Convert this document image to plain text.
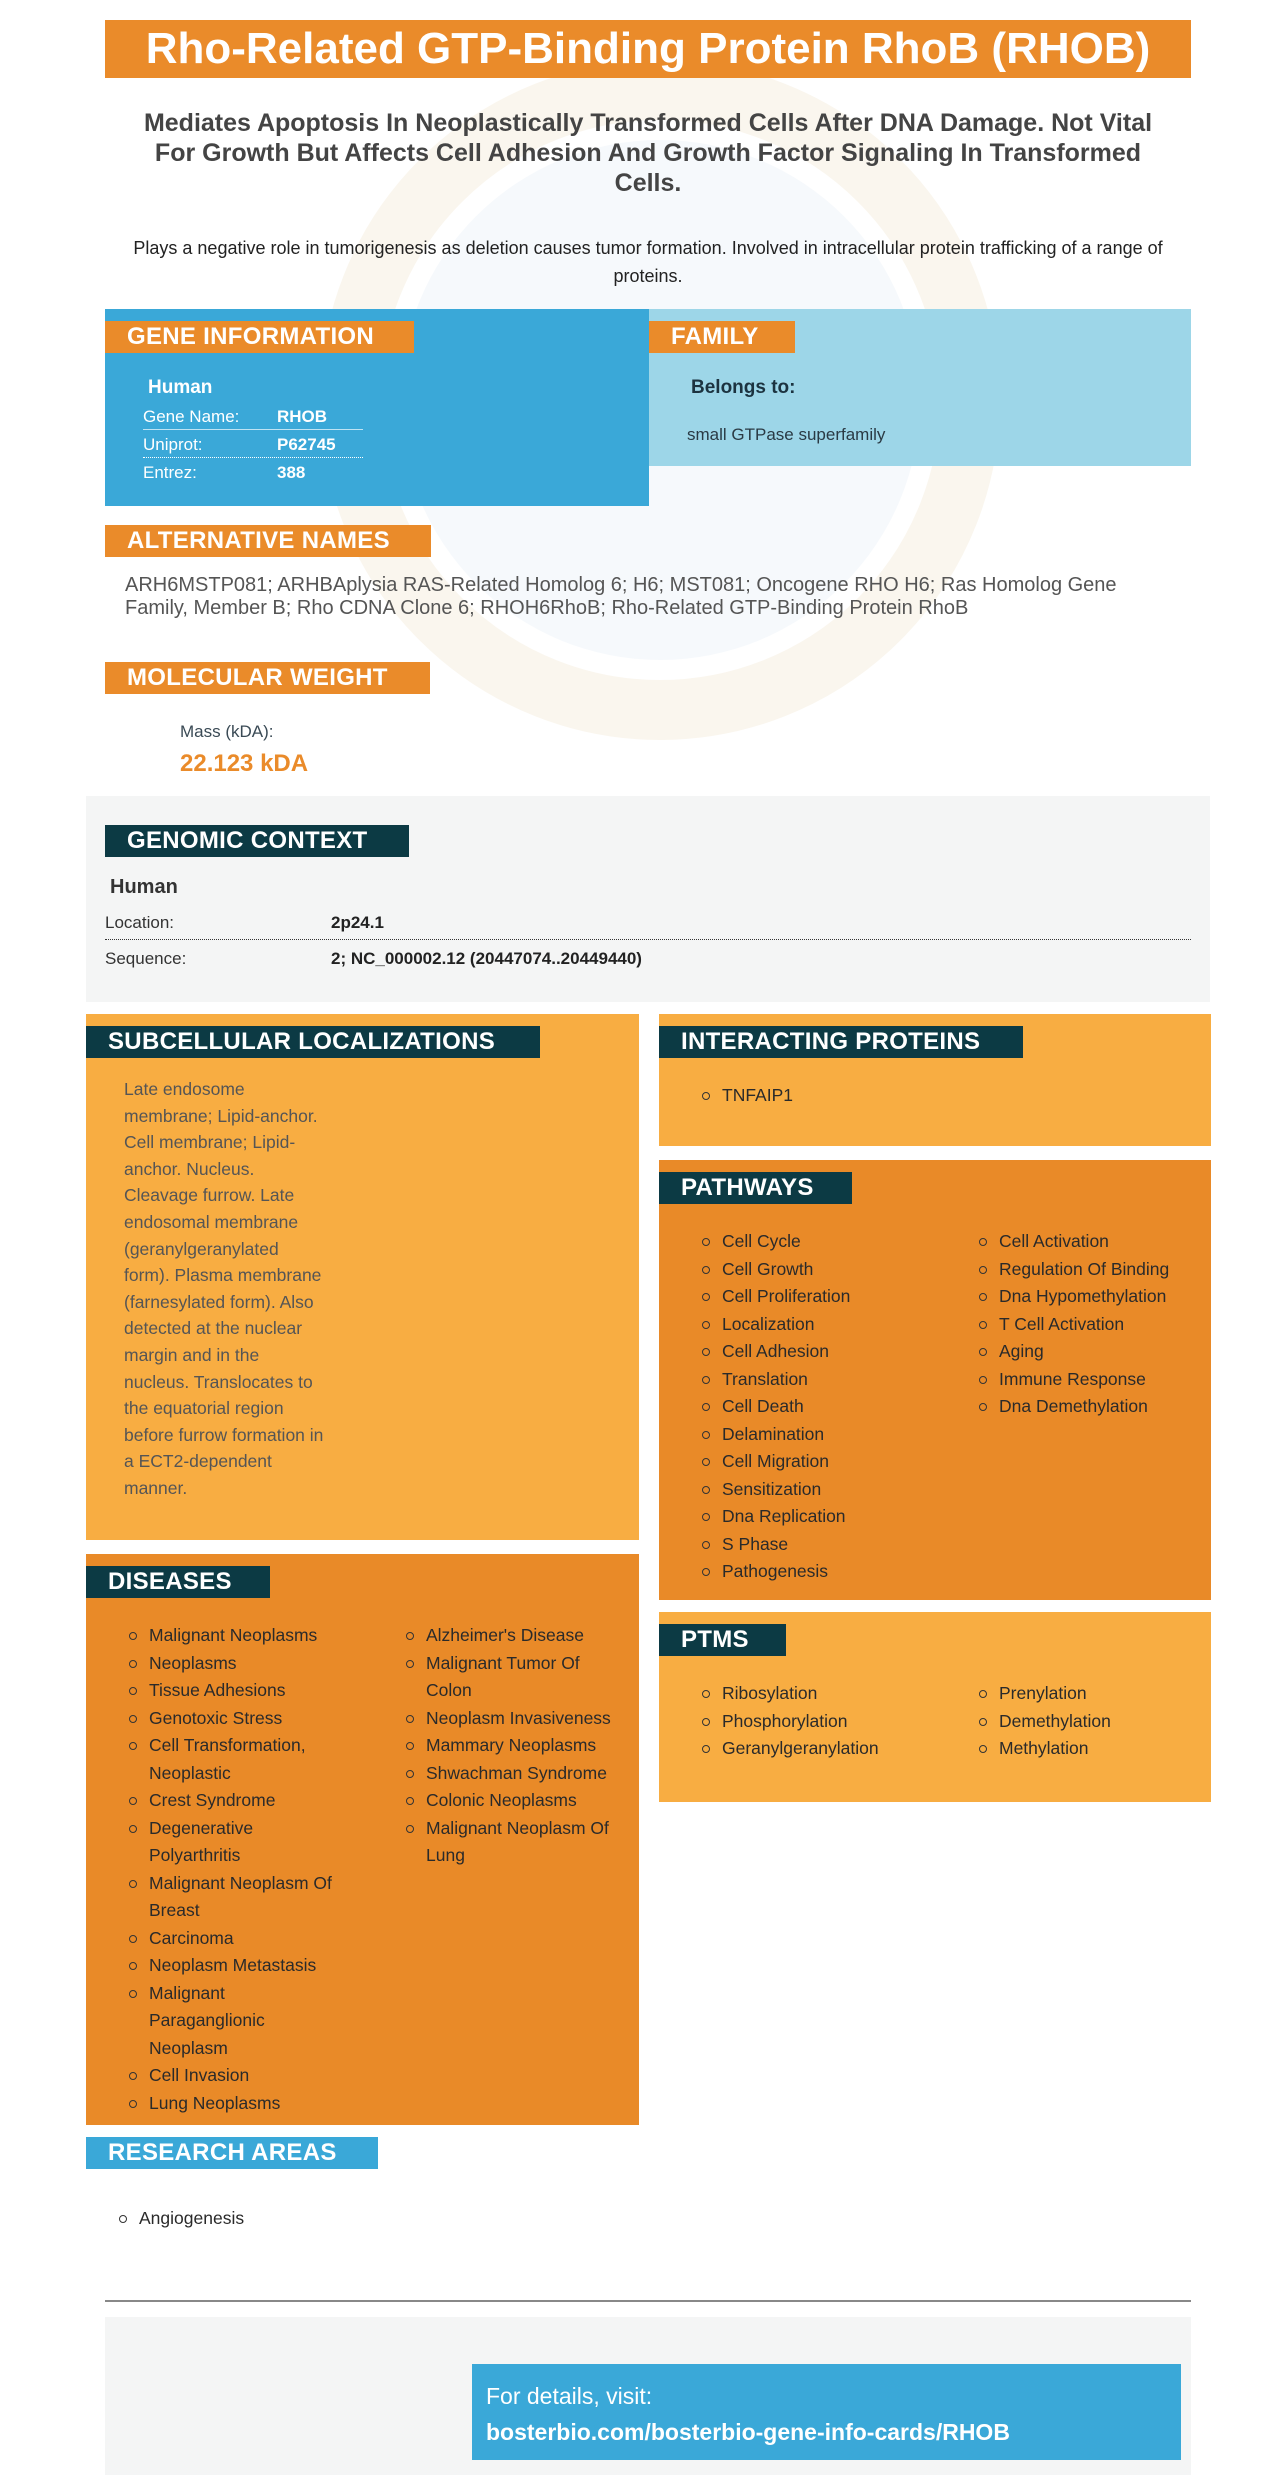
Rho-Related GTP-Binding Protein RhoB (RHOB)
Mediates Apoptosis In Neoplastically Transformed Cells After DNA Damage. Not Vital For Growth But Affects Cell Adhesion And Growth Factor Signaling In Transformed Cells.
Plays a negative role in tumorigenesis as deletion causes tumor formation. Involved in intracellular protein trafficking of a range of proteins.
GENE INFORMATION
Human
Gene Name: RHOB
Uniprot:	P62745
Entrez:	388
FAMILY
Belongs to:
small GTPase superfamily
ALTERNATIVE NAMES
ARH6MSTP081; ARHBAplysia RAS-Related Homolog 6; H6; MST081; Oncogene RHO H6; Ras Homolog Gene Family, Member B; Rho CDNA Clone 6; RHOH6RhoB; Rho-Related GTP-Binding Protein RhoB
MOLECULAR WEIGHT
Mass (kDA):
22.123 kDA
GENOMIC CONTEXT
Human
Location:	2p24.1
Sequence:	2; NC_000002.12 (20447074..20449440)
SUBCELLULAR LOCALIZATIONS
Late endosome
membrane; Lipid-anchor.
Cell membrane; Lipid-
anchor. Nucleus.
Cleavage furrow. Late
endosomal membrane
(geranylgeranylated
form). Plasma membrane
(farnesylated form). Also
detected at the nuclear
margin and in the
nucleus. Translocates to
the equatorial region
before furrow formation in
a ECT2-dependent
manner.
INTERACTING PROTEINS
TNFAIP1
PATHWAYS
Cell Cycle
Cell Growth
Cell Proliferation
Localization
Cell Adhesion
Translation
Cell Death
Delamination
Cell Migration
Sensitization
Dna Replication
S Phase
Pathogenesis
Cell Activation
Regulation Of Binding
Dna Hypomethylation
T Cell Activation
Aging
Immune Response
Dna Demethylation
DISEASES
Malignant Neoplasms
Neoplasms
Tissue Adhesions
Genotoxic Stress
Cell Transformation,
Neoplastic
Crest Syndrome
Degenerative
Polyarthritis
Malignant Neoplasm Of
Breast
Carcinoma
Neoplasm Metastasis
Malignant
Paraganglionic
Neoplasm
Cell Invasion
Lung Neoplasms
Alzheimer's Disease
Malignant Tumor Of
Colon
Neoplasm Invasiveness
Mammary Neoplasms
Shwachman Syndrome
Colonic Neoplasms
Malignant Neoplasm Of
Lung
PTMS
Ribosylation
Phosphorylation
Geranylgeranylation
Prenylation
Demethylation
Methylation
RESEARCH AREAS
Angiogenesis
For details, visit:
bosterbio.com/bosterbio-gene-info-cards/RHOB
